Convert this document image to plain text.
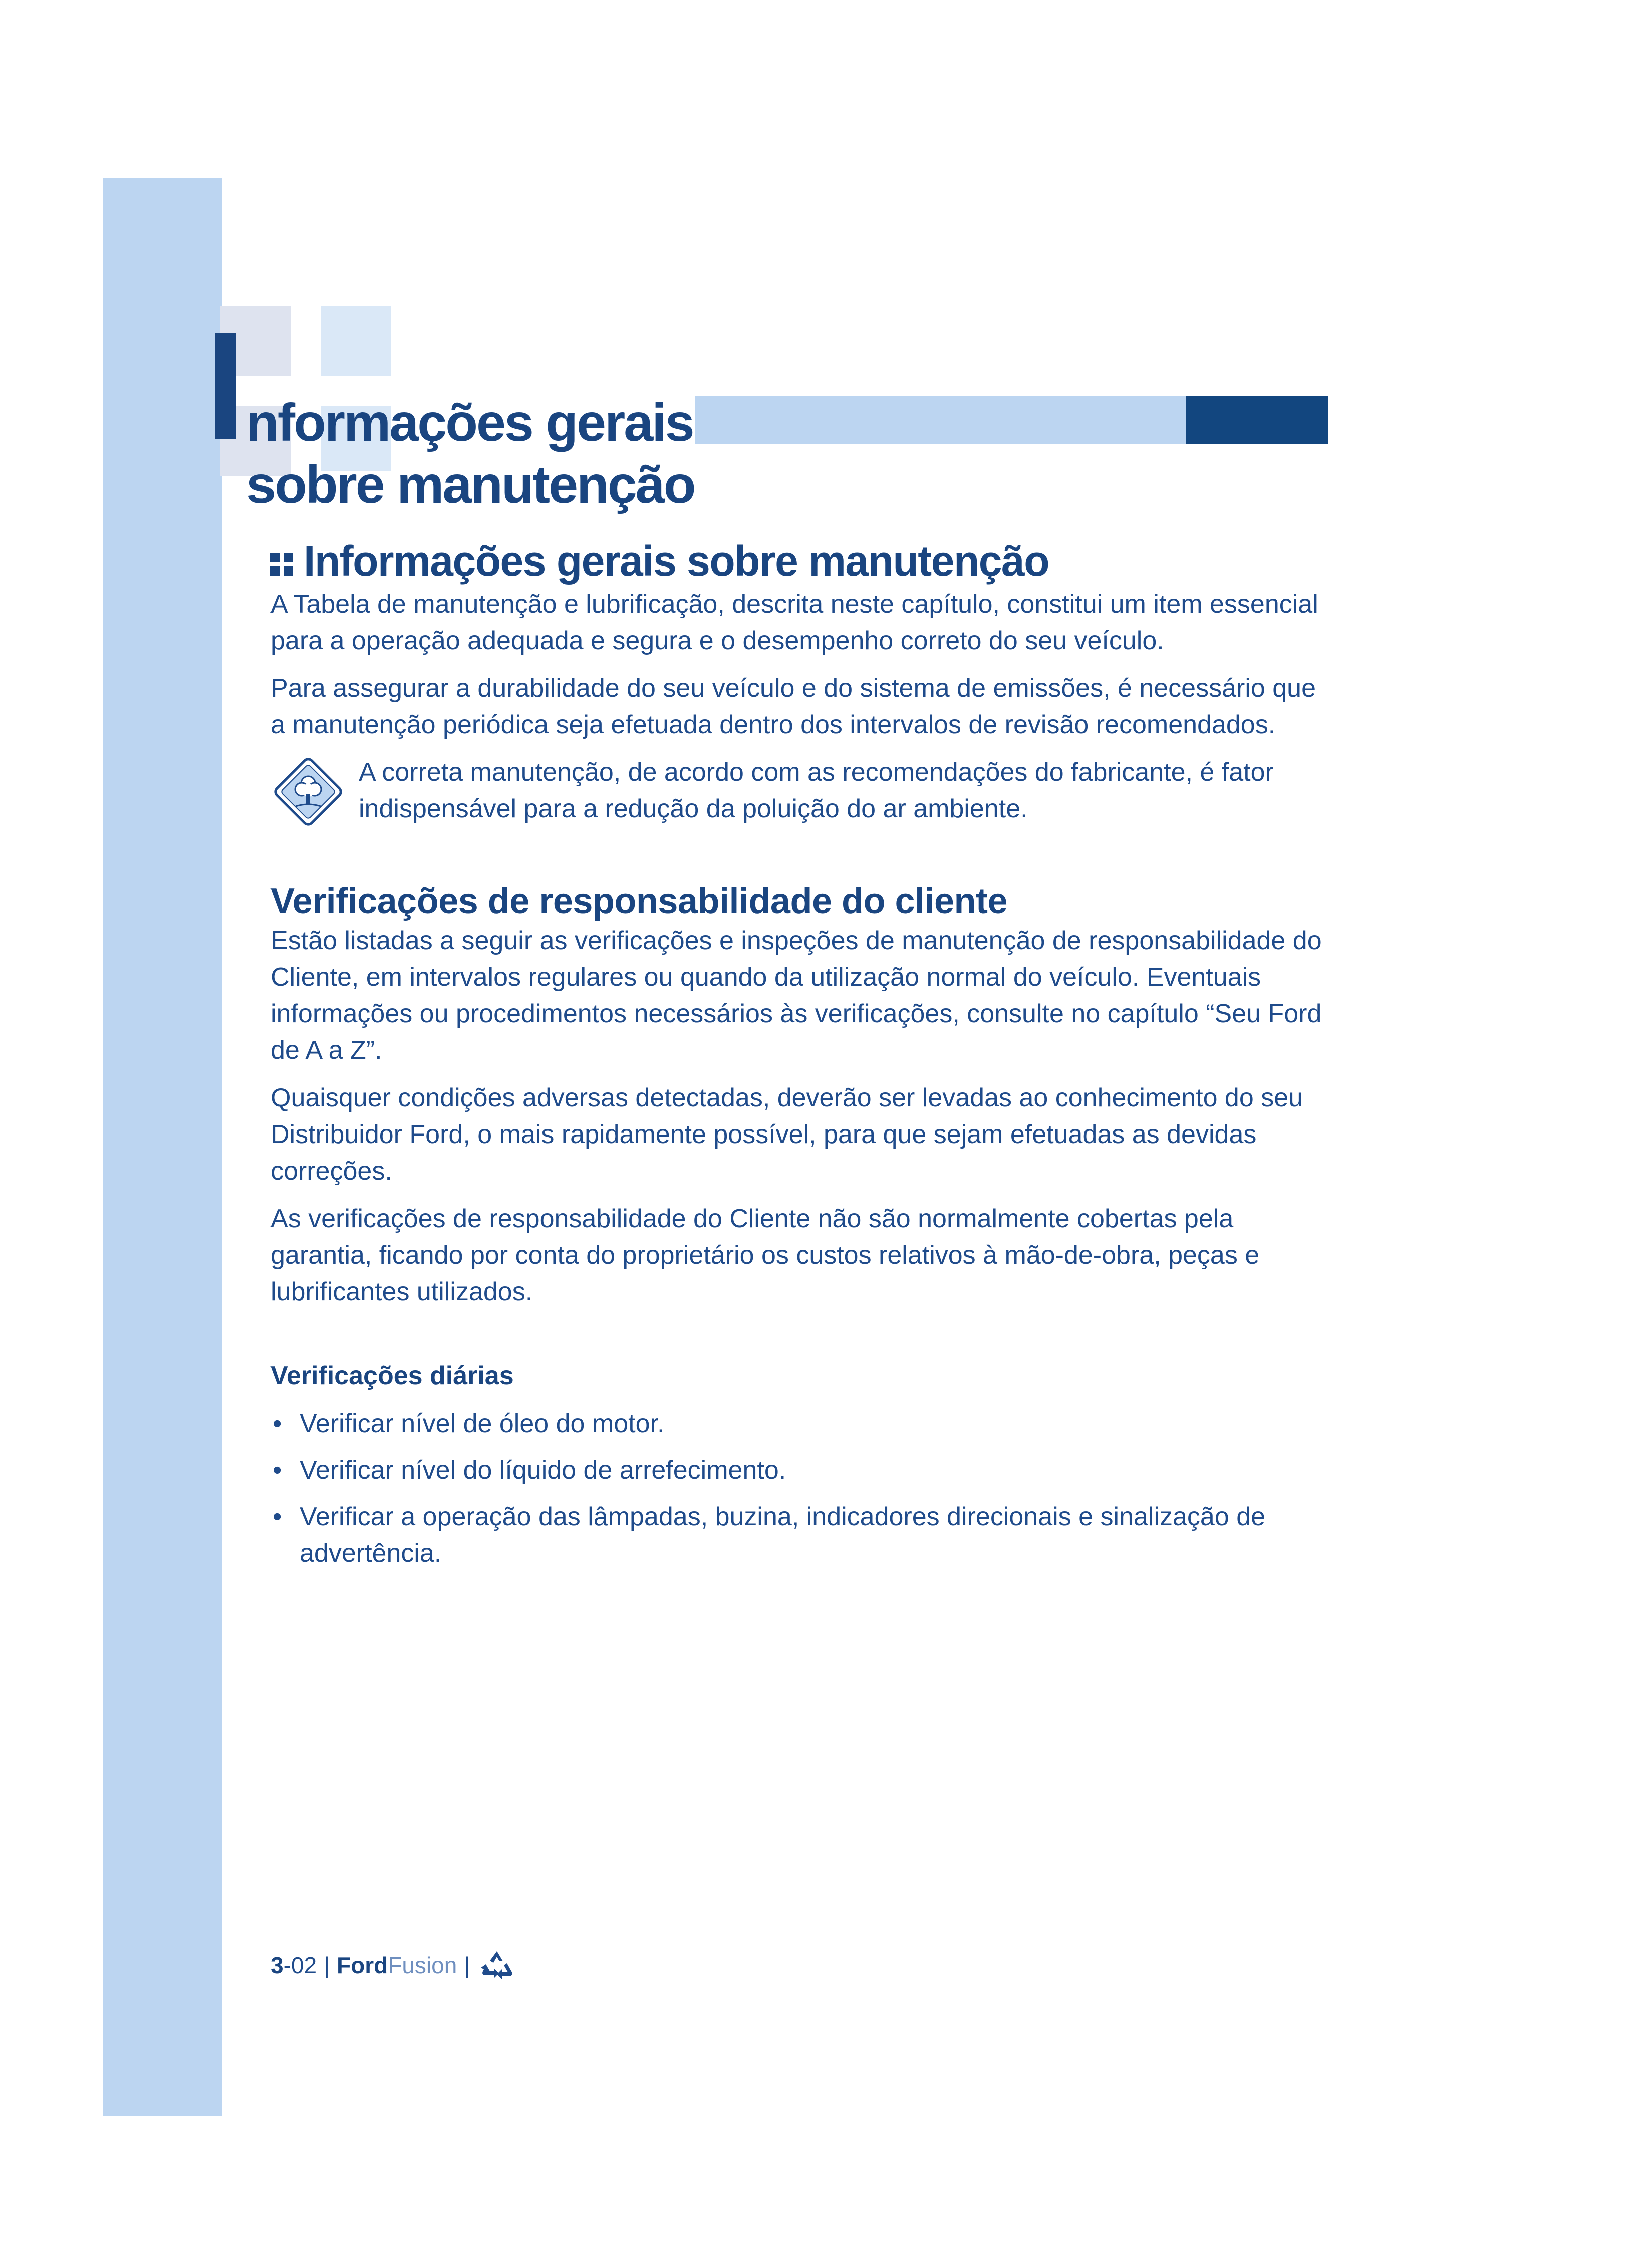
nformações gerais
sobre manutenção
Informações gerais sobre manutenção

A Tabela de manutenção e lubrificação, descrita neste capítulo, constitui um item essencial para a operação adequada e segura e o desempenho correto do seu veículo.

Para assegurar a durabilidade do seu veículo e do sistema de emissões, é necessário que a manutenção periódica seja efetuada dentro dos intervalos de revisão recomendados.

A correta manutenção, de acordo com as recomendações do fabricante, é fator indispensável para a redução da poluição do ar ambiente.

Verificações de responsabilidade do cliente

Estão listadas a seguir as verificações e inspeções de manutenção de responsabilidade do Cliente, em intervalos regulares ou quando da utilização normal do veículo. Eventuais informações ou procedimentos necessários às verificações, consulte no capítulo “Seu Ford de A a Z”.

Quaisquer condições adversas detectadas, deverão ser levadas ao conhecimento do seu Distribuidor Ford, o mais rapidamente possível, para que sejam efetuadas as devidas correções.

As verificações de responsabilidade do Cliente não são normalmente cobertas pela garantia, ficando por conta do proprietário os custos relativos à mão-de-obra, peças e lubrificantes utilizados.

Verificações diárias
• Verificar nível de óleo do motor.
• Verificar nível do líquido de arrefecimento.
• Verificar a operação das lâmpadas, buzina, indicadores direcionais e sinalização de advertência.
3 -02 | Ford Fusion |
